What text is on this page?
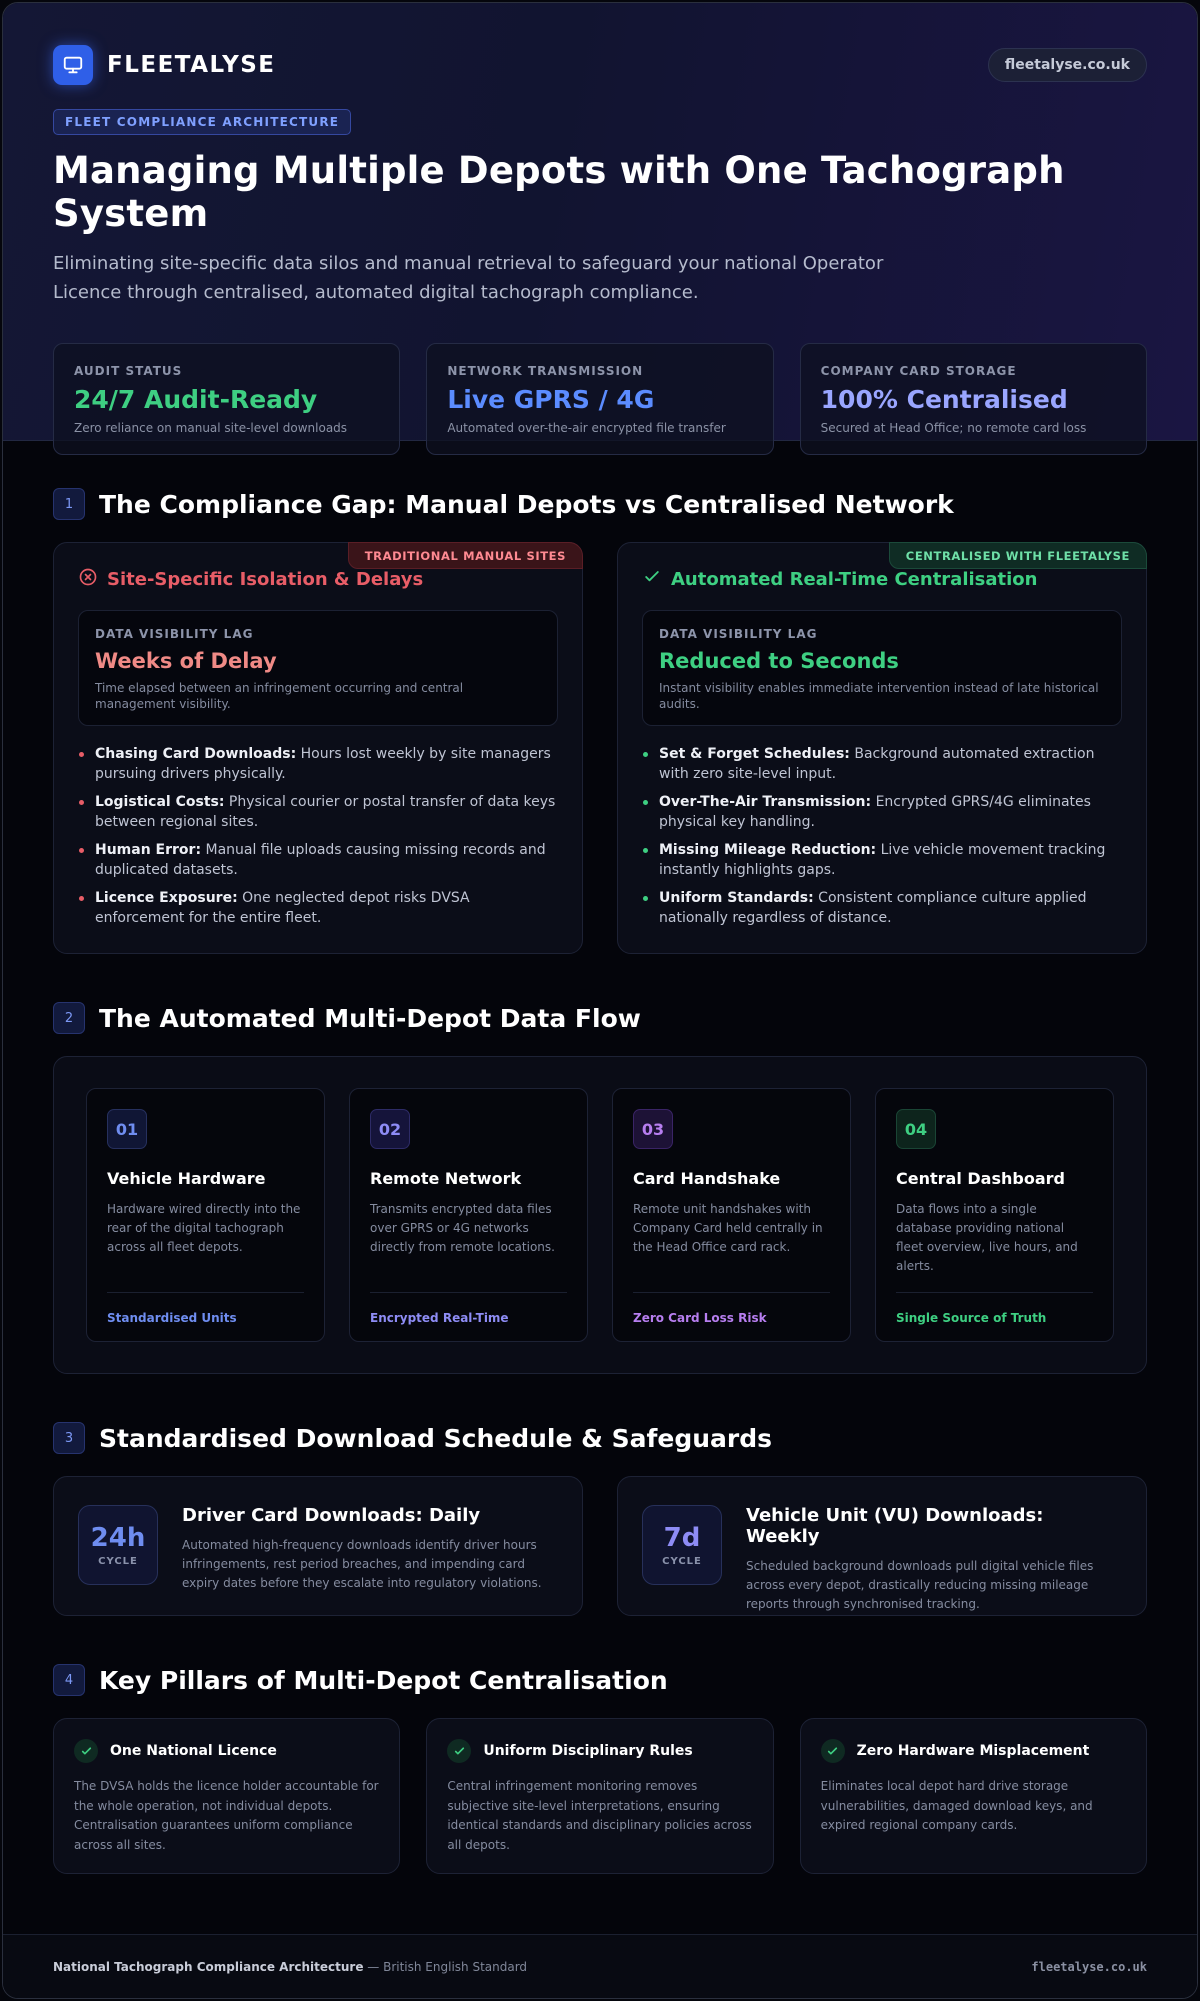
FLEETALYSE	fleetalyse.co.uk
FLEET COMPLIANCE ARCHITECTURE
Managing Multiple Depots with One Tachograph System

Eliminating site-specific data silos and manual retrieval to safeguard your national Operator Licence through centralised, automated digital tachograph compliance.

AUDIT STATUS
24/7 Audit-Ready
Zero reliance on manual site-level downloads
NETWORK TRANSMISSION
Live GPRS / 4G
Automated over-the-air encrypted file transfer
COMPANY CARD STORAGE
100% Centralised
Secured at Head Office; no remote card loss
1	The Compliance Gap: Manual Depots vs Centralised Network
TRADITIONAL MANUAL SITES
Site-Specific Isolation & Delays
DATA VISIBILITY LAG
Weeks of Delay
Time elapsed between an infringement occurring and central management visibility.
Chasing Card Downloads: Hours lost weekly by site managers pursuing drivers physically.
Logistical Costs: Physical courier or postal transfer of data keys between regional sites.
Human Error: Manual file uploads causing missing records and duplicated datasets.
Licence Exposure: One neglected depot risks DVSA enforcement for the entire fleet.
CENTRALISED WITH FLEETALYSE
Automated Real-Time Centralisation
DATA VISIBILITY LAG
Reduced to Seconds
Instant visibility enables immediate intervention instead of late historical audits.
Set & Forget Schedules: Background automated extraction with zero site-level input.
Over-The-Air Transmission: Encrypted GPRS/4G eliminates physical key handling.
Missing Mileage Reduction: Live vehicle movement tracking instantly highlights gaps.
Uniform Standards: Consistent compliance culture applied nationally regardless of distance.
2	The Automated Multi-Depot Data Flow
01
Vehicle Hardware
Hardware wired directly into the rear of the digital tachograph across all fleet depots.
Standardised Units
02
Remote Network
Transmits encrypted data files over GPRS or 4G networks directly from remote locations.
Encrypted Real-Time
03
Card Handshake
Remote unit handshakes with Company Card held centrally in the Head Office card rack.
Zero Card Loss Risk
04
Central Dashboard
Data flows into a single database providing national fleet overview, live hours, and alerts.
Single Source of Truth
3	Standardised Download Schedule & Safeguards
24h
CYCLE
Driver Card Downloads: Daily
Automated high-frequency downloads identify driver hours infringements, rest period breaches, and impending card expiry dates before they escalate into regulatory violations.
7d
CYCLE
Vehicle Unit (VU) Downloads: Weekly
Scheduled background downloads pull digital vehicle files across every depot, drastically reducing missing mileage reports through synchronised tracking.
4	Key Pillars of Multi-Depot Centralisation
One National Licence
The DVSA holds the licence holder accountable for the whole operation, not individual depots. Centralisation guarantees uniform compliance across all sites.
Uniform Disciplinary Rules
Central infringement monitoring removes subjective site-level interpretations, ensuring identical standards and disciplinary policies across all depots.
Zero Hardware Misplacement
Eliminates local depot hard drive storage vulnerabilities, damaged download keys, and expired regional company cards.
National Tachograph Compliance Architecture — British English Standard	fleetalyse.co.uk
